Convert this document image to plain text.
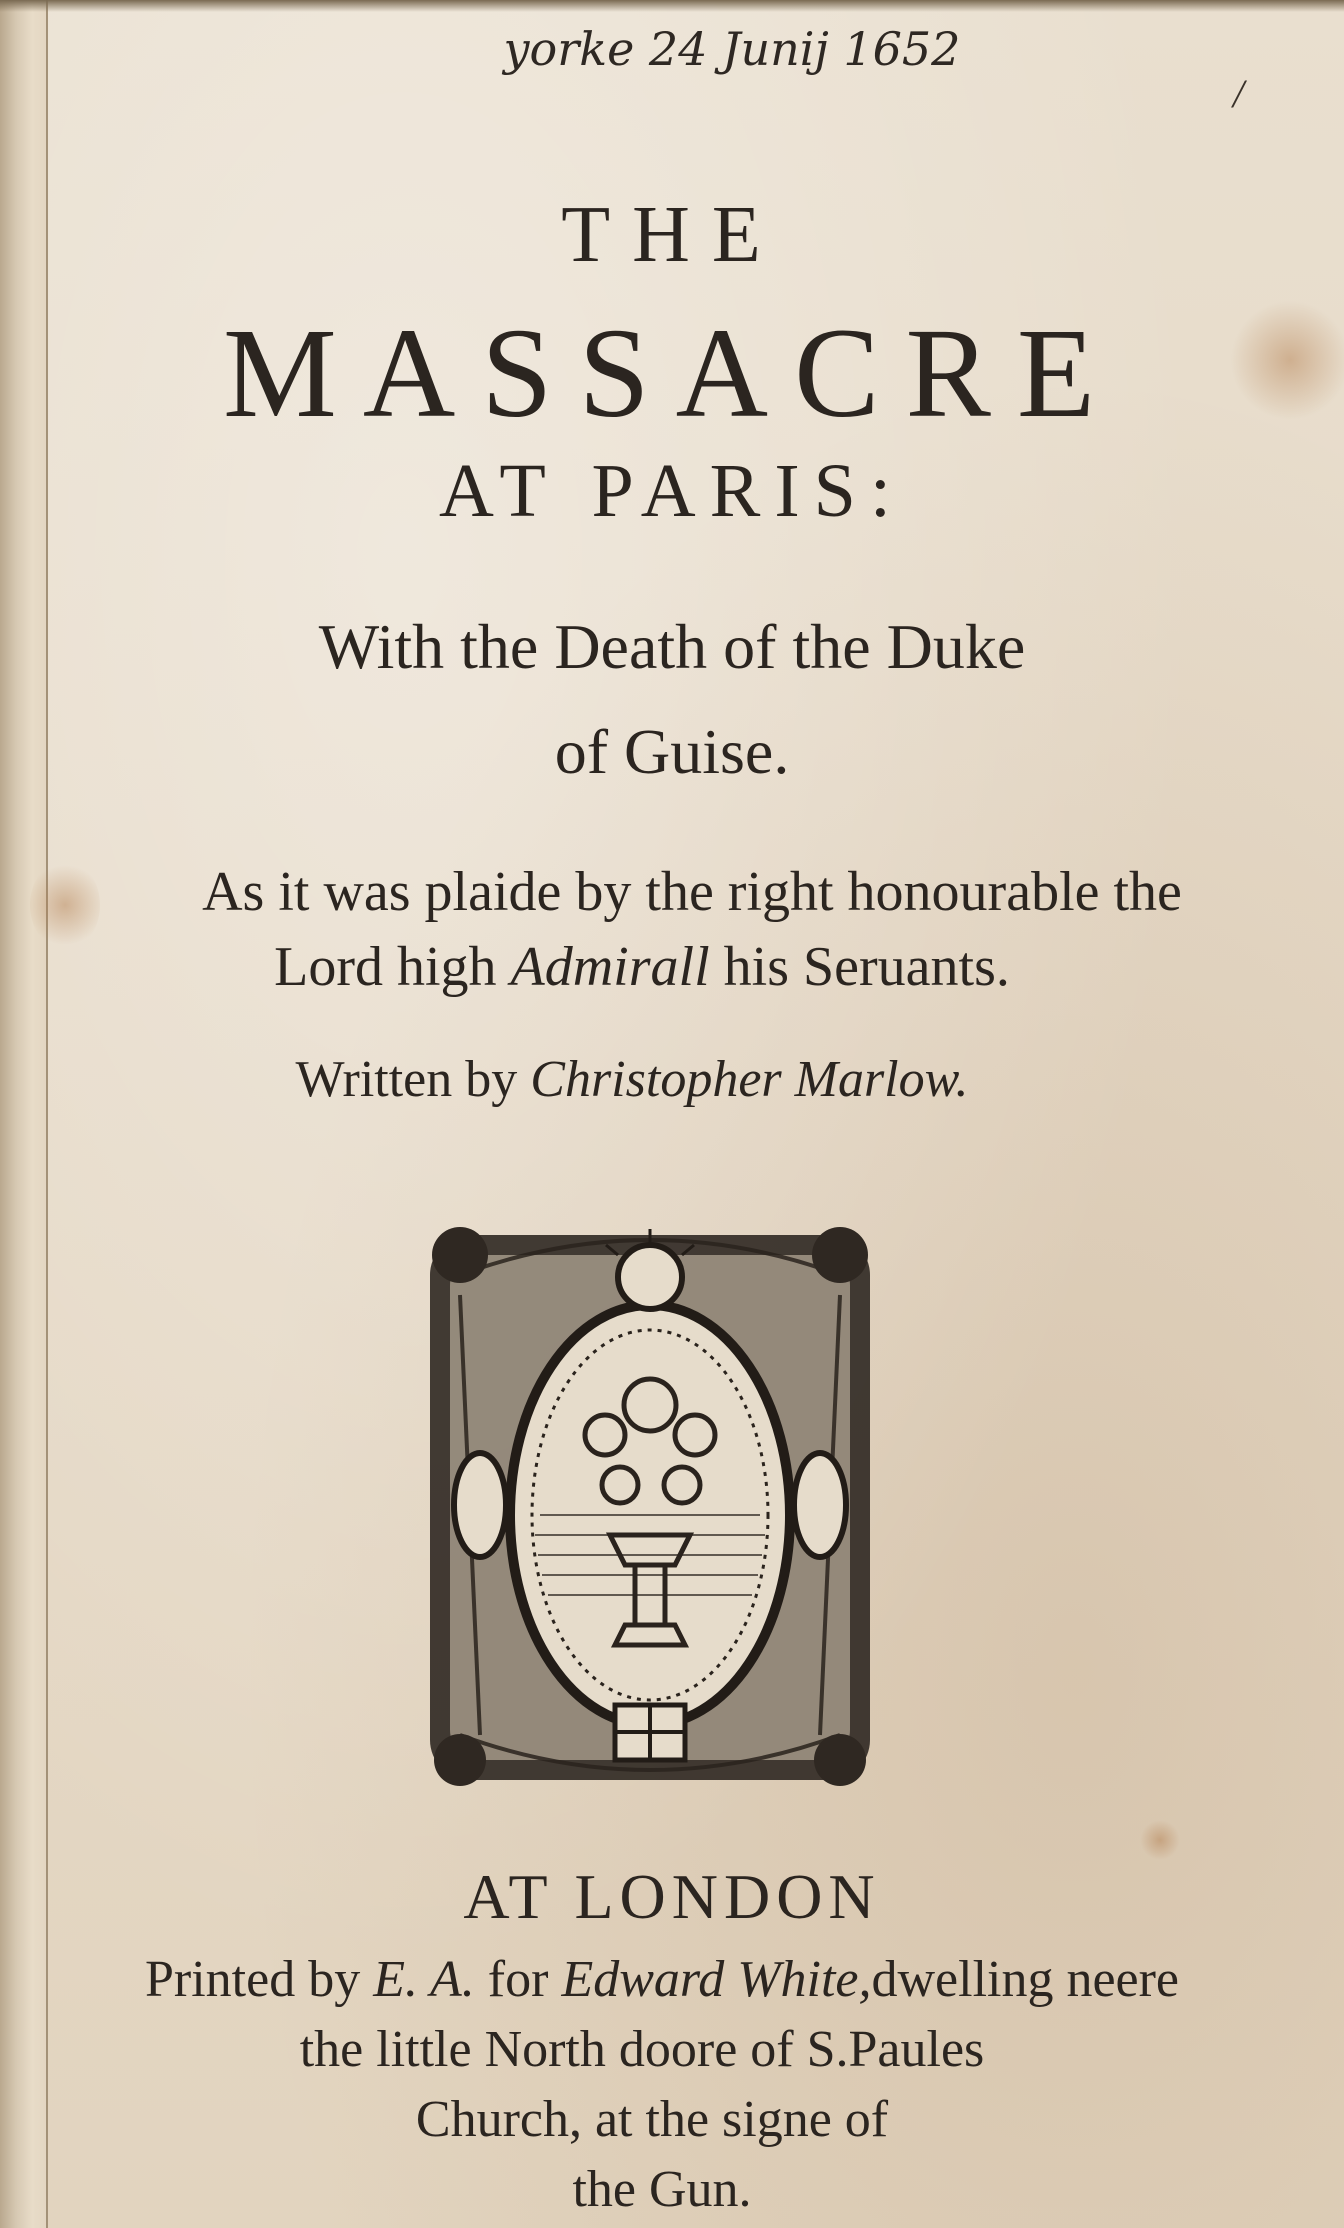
yorke 24 Junij 1652
/
THE
MASSACRE
AT PARIS:
With the Death of the Duke
of Guise.
As it was plaide by the right honourable the
Lord high Admirall his Seruants.
Written by Christopher Marlow.
AT LONDON
Printed by E. A. for Edward White,dwelling neere
the little North doore of S.Paules
Church, at the signe of
the Gun.
